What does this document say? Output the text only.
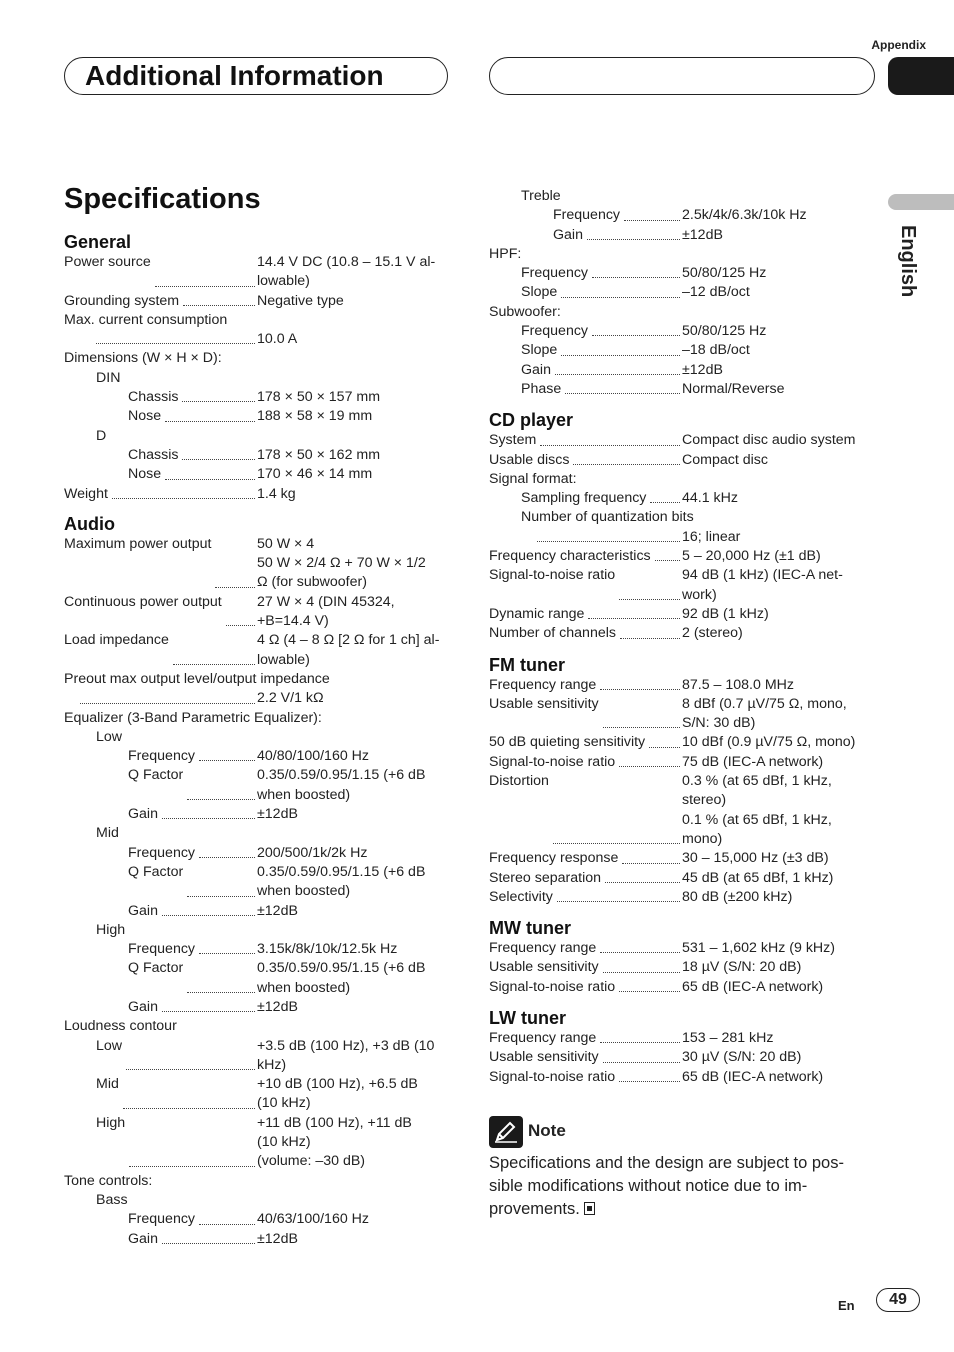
Appendix
Additional Information
English
Specifications
General
Power source	14.4 V DC (10.8 – 15.1 V al-
lowable)
Grounding system	Negative type
Max. current consumption
10.0 A
Dimensions (W × H × D):
DIN
Chassis	178 × 50 × 157 mm
Nose	188 × 58 × 19 mm
D
Chassis	178 × 50 × 162 mm
Nose	170 × 46 × 14 mm
Weight	1.4 kg
Audio
Maximum power output	50 W × 4
50 W × 2/4 Ω + 70 W × 1/2
Ω (for subwoofer)
Continuous power output 27 W × 4 (DIN 45324,
+B=14.4 V)
Load impedance	4 Ω (4 – 8 Ω [2 Ω for 1 ch] al-
lowable)
Preout max output level/output impedance
2.2 V/1 kΩ
Equalizer (3-Band Parametric Equalizer):
Low
Frequency	40/80/100/160 Hz
Q Factor	0.35/0.59/0.95/1.15 (+6 dB
when boosted)
Gain	±12dB
Mid
Frequency	200/500/1k/2k Hz
Q Factor	0.35/0.59/0.95/1.15 (+6 dB
when boosted)
Gain	±12dB
High
Frequency	3.15k/8k/10k/12.5k Hz
Q Factor	0.35/0.59/0.95/1.15 (+6 dB
when boosted)
Gain	±12dB
Loudness contour
Low	+3.5 dB (100 Hz), +3 dB (10
kHz)
Mid	+10 dB (100 Hz), +6.5 dB
(10 kHz)
High	+11 dB (100 Hz), +11 dB
(10 kHz)
(volume: –30 dB)
Tone controls:
Bass
Frequency	40/63/100/160 Hz
Gain	±12dB
Treble
Frequency	2.5k/4k/6.3k/10k Hz
Gain	±12dB
HPF:
Frequency	50/80/125 Hz
Slope	–12 dB/oct
Subwoofer:
Frequency	50/80/125 Hz
Slope	–18 dB/oct
Gain	±12dB
Phase	Normal/Reverse
CD player
System	Compact disc audio system
Usable discs	Compact disc
Signal format:
Sampling frequency	44.1 kHz
Number of quantization bits
16; linear
Frequency characteristics 5 – 20,000 Hz (±1 dB)
Signal-to-noise ratio	94 dB (1 kHz) (IEC-A net-
work)
Dynamic range	92 dB (1 kHz)
Number of channels	2 (stereo)
FM tuner
Frequency range	87.5 – 108.0 MHz
Usable sensitivity	8 dBf (0.7 µV/75 Ω, mono,
S/N: 30 dB)
50 dB quieting sensitivity	10 dBf (0.9 µV/75 Ω, mono)
Signal-to-noise ratio	75 dB (IEC-A network)
Distortion	0.3 % (at 65 dBf, 1 kHz,
stereo)
0.1 % (at 65 dBf, 1 kHz,
mono)
Frequency response	30 – 15,000 Hz (±3 dB)
Stereo separation	45 dB (at 65 dBf, 1 kHz)
Selectivity	80 dB (±200 kHz)
MW tuner
Frequency range	531 – 1,602 kHz (9 kHz)
Usable sensitivity	18 µV (S/N: 20 dB)
Signal-to-noise ratio	65 dB (IEC-A network)
LW tuner
Frequency range	153 – 281 kHz
Usable sensitivity	30 µV (S/N: 20 dB)
Signal-to-noise ratio	65 dB (IEC-A network)
Note
Specifications and the design are subject to pos- sible modifications without notice due to im- provements.
En	49
